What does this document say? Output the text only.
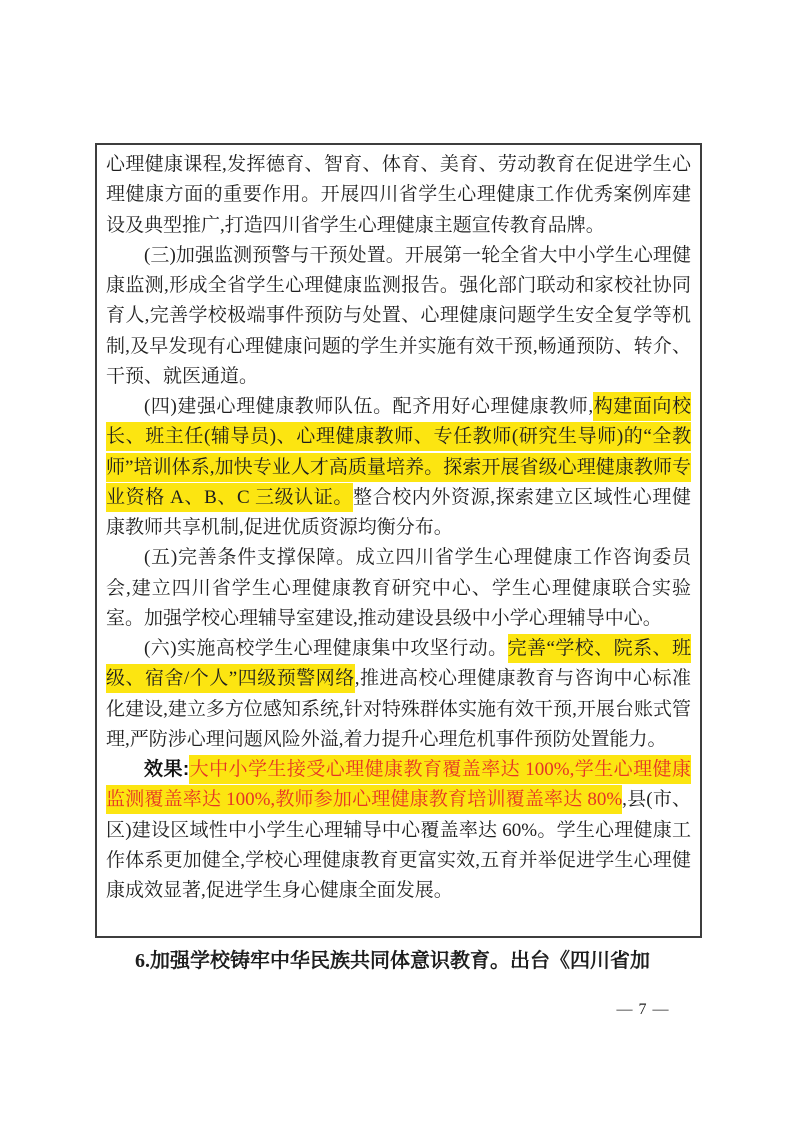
心理健康课程,发挥德育、智育、体育、美育、劳动教育在促进学生心理健康方面的重要作用。开展四川省学生心理健康工作优秀案例库建设及典型推广,打造四川省学生心理健康主题宣传教育品牌。

(三)加强监测预警与干预处置。开展第一轮全省大中小学生心理健康监测,形成全省学生心理健康监测报告。强化部门联动和家校社协同育人,完善学校极端事件预防与处置、心理健康问题学生安全复学等机制,及早发现有心理健康问题的学生并实施有效干预,畅通预防、转介、干预、就医通道。

(四)建强心理健康教师队伍。配齐用好心理健康教师,构建面向校长、班主任(辅导员)、心理健康教师、专任教师(研究生导师)的“全教师”培训体系,加快专业人才高质量培养。探索开展省级心理健康教师专业资格 A、B、C 三级认证。整合校内外资源,探索建立区域性心理健康教师共享机制,促进优质资源均衡分布。

(五)完善条件支撑保障。成立四川省学生心理健康工作咨询委员会,建立四川省学生心理健康教育研究中心、学生心理健康联合实验室。加强学校心理辅导室建设,推动建设县级中小学心理辅导中心。

(六)实施高校学生心理健康集中攻坚行动。完善“学校、院系、班级、宿舍/个人”四级预警网络,推进高校心理健康教育与咨询中心标准化建设,建立多方位感知系统,针对特殊群体实施有效干预,开展台账式管理,严防涉心理问题风险外溢,着力提升心理危机事件预防处置能力。

效果:大中小学生接受心理健康教育覆盖率达 100%,学生心理健康监测覆盖率达 100%,教师参加心理健康教育培训覆盖率达 80%,县(市、区)建设区域性中小学生心理辅导中心覆盖率达 60%。学生心理健康工作体系更加健全,学校心理健康教育更富实效,五育并举促进学生心理健康成效显著,促进学生身心健康全面发展。

6.加强学校铸牢中华民族共同体意识教育。出台《四川省加

— 7 —
